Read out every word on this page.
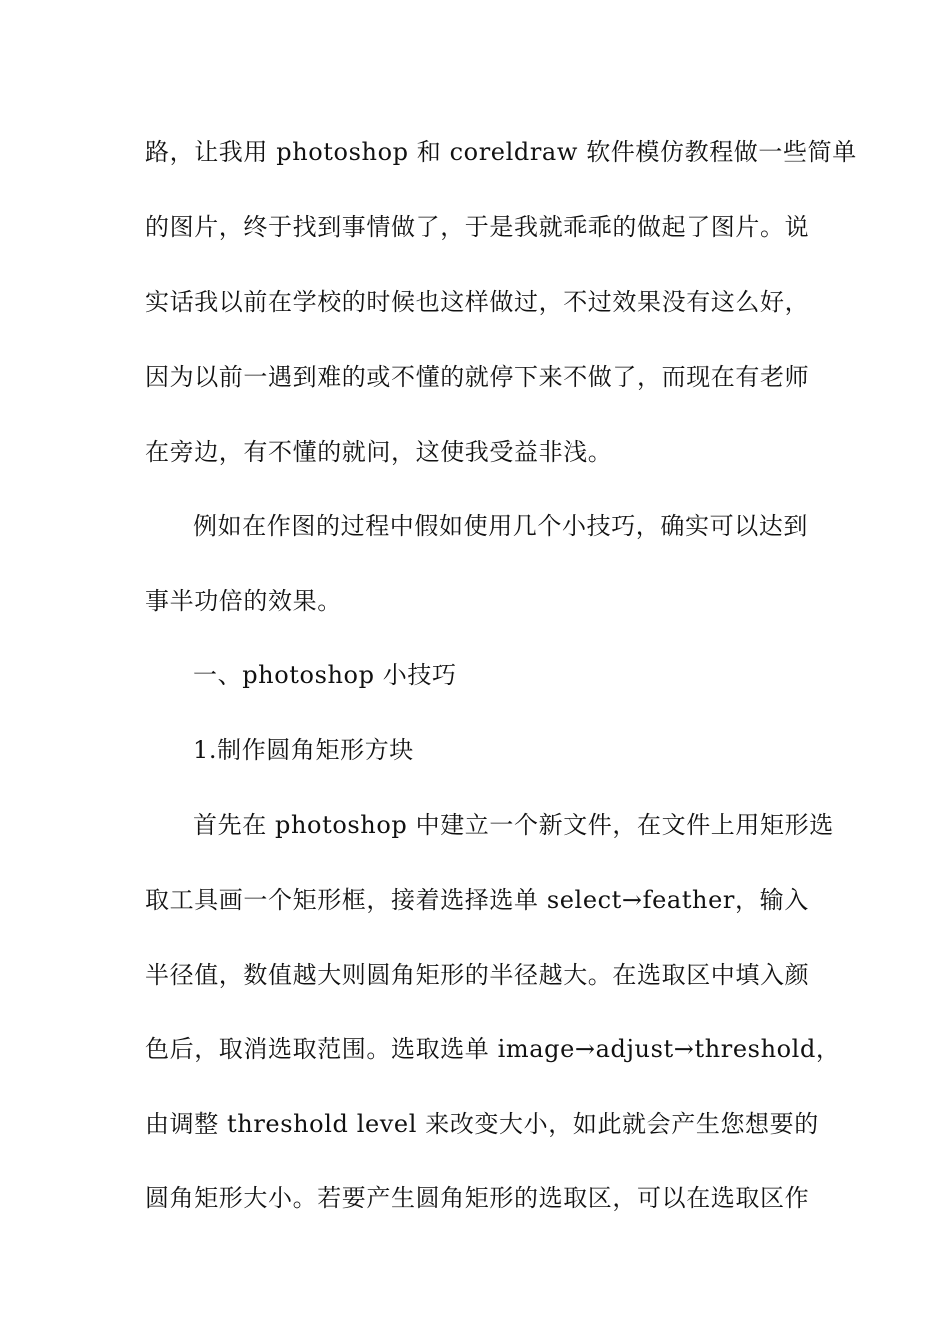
路，让我用 photoshop 和 coreldraw 软件模仿教程做一些简单
的图片，终于找到事情做了，于是我就乖乖的做起了图片。说
实话我以前在学校的时候也这样做过，不过效果没有这么好，
因为以前一遇到难的或不懂的就停下来不做了，而现在有老师
在旁边，有不懂的就问，这使我受益非浅。
例如在作图的过程中假如使用几个小技巧，确实可以达到
事半功倍的效果。
一、photoshop 小技巧
1.制作圆角矩形方块
首先在 photoshop 中建立一个新文件，在文件上用矩形选
取工具画一个矩形框，接着选择选单 select→feather，输入
半径值，数值越大则圆角矩形的半径越大。在选取区中填入颜
色后，取消选取范围。选取选单 image→adjust→threshold，
由调整 threshold level 来改变大小，如此就会产生您想要的
圆角矩形大小。若要产生圆角矩形的选取区，可以在选取区作
